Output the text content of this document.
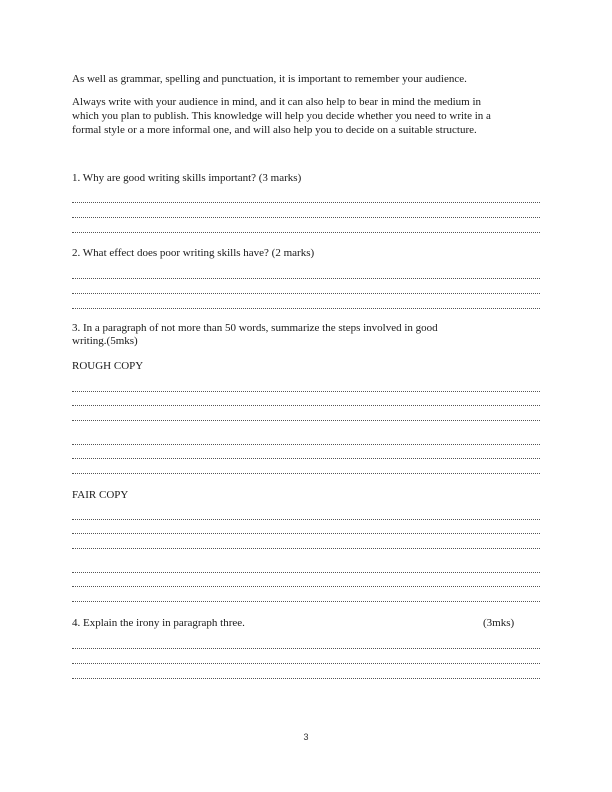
As well as grammar, spelling and punctuation, it is important to remember your audience.
Always write with your audience in mind, and it can also help to bear in mind the medium in
which you plan to publish. This knowledge will help you decide whether you need to write in a
formal style or a more informal one, and will also help you to decide on a suitable structure.
1. Why are good writing skills important? (3 marks)
2. What effect does poor writing skills have? (2 marks)
3. In a paragraph of not more than 50 words, summarize the steps involved in good
writing.(5mks)
ROUGH COPY
FAIR COPY
4. Explain the irony in paragraph three.	(3mks)
3
